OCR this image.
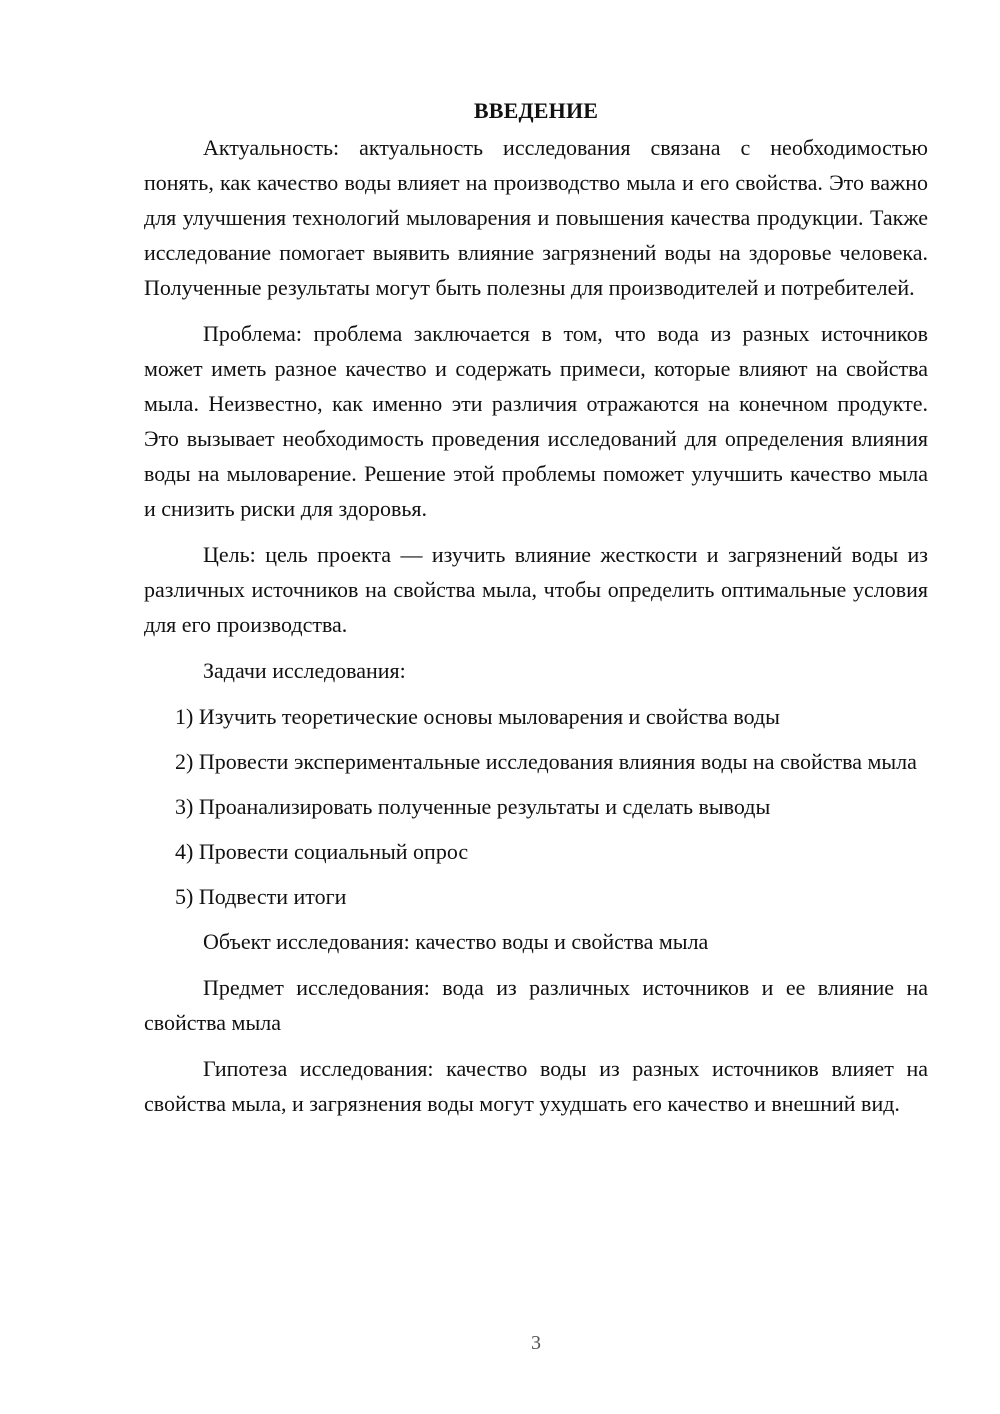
ВВЕДЕНИЕ

Актуальность: актуальность исследования связана с необходимостью понять, как качество воды влияет на производство мыла и его свойства. Это важно для улучшения технологий мыловарения и повышения качества продукции. Также исследование помогает выявить влияние загрязнений воды на здоровье человека. Полученные результаты могут быть полезны для производителей и потребителей.

Проблема: проблема заключается в том, что вода из разных источников может иметь разное качество и содержать примеси, которые влияют на свойства мыла. Неизвестно, как именно эти различия отражаются на конечном продукте. Это вызывает необходимость проведения исследований для определения влияния воды на мыловарение. Решение этой проблемы поможет улучшить качество мыла и снизить риски для здоровья.

Цель: цель проекта — изучить влияние жесткости и загрязнений воды из различных источников на свойства мыла, чтобы определить оптимальные условия для его производства.

Задачи исследования:

1) Изучить теоретические основы мыловарения и свойства воды

2) Провести экспериментальные исследования влияния воды на свойства мыла

3) Проанализировать полученные результаты и сделать выводы

4) Провести социальный опрос

5) Подвести итоги

Объект исследования: качество воды и свойства мыла

Предмет исследования: вода из различных источников и ее влияние на свойства мыла

Гипотеза исследования: качество воды из разных источников влияет на свойства мыла, и загрязнения воды могут ухудшать его качество и внешний вид.

3
